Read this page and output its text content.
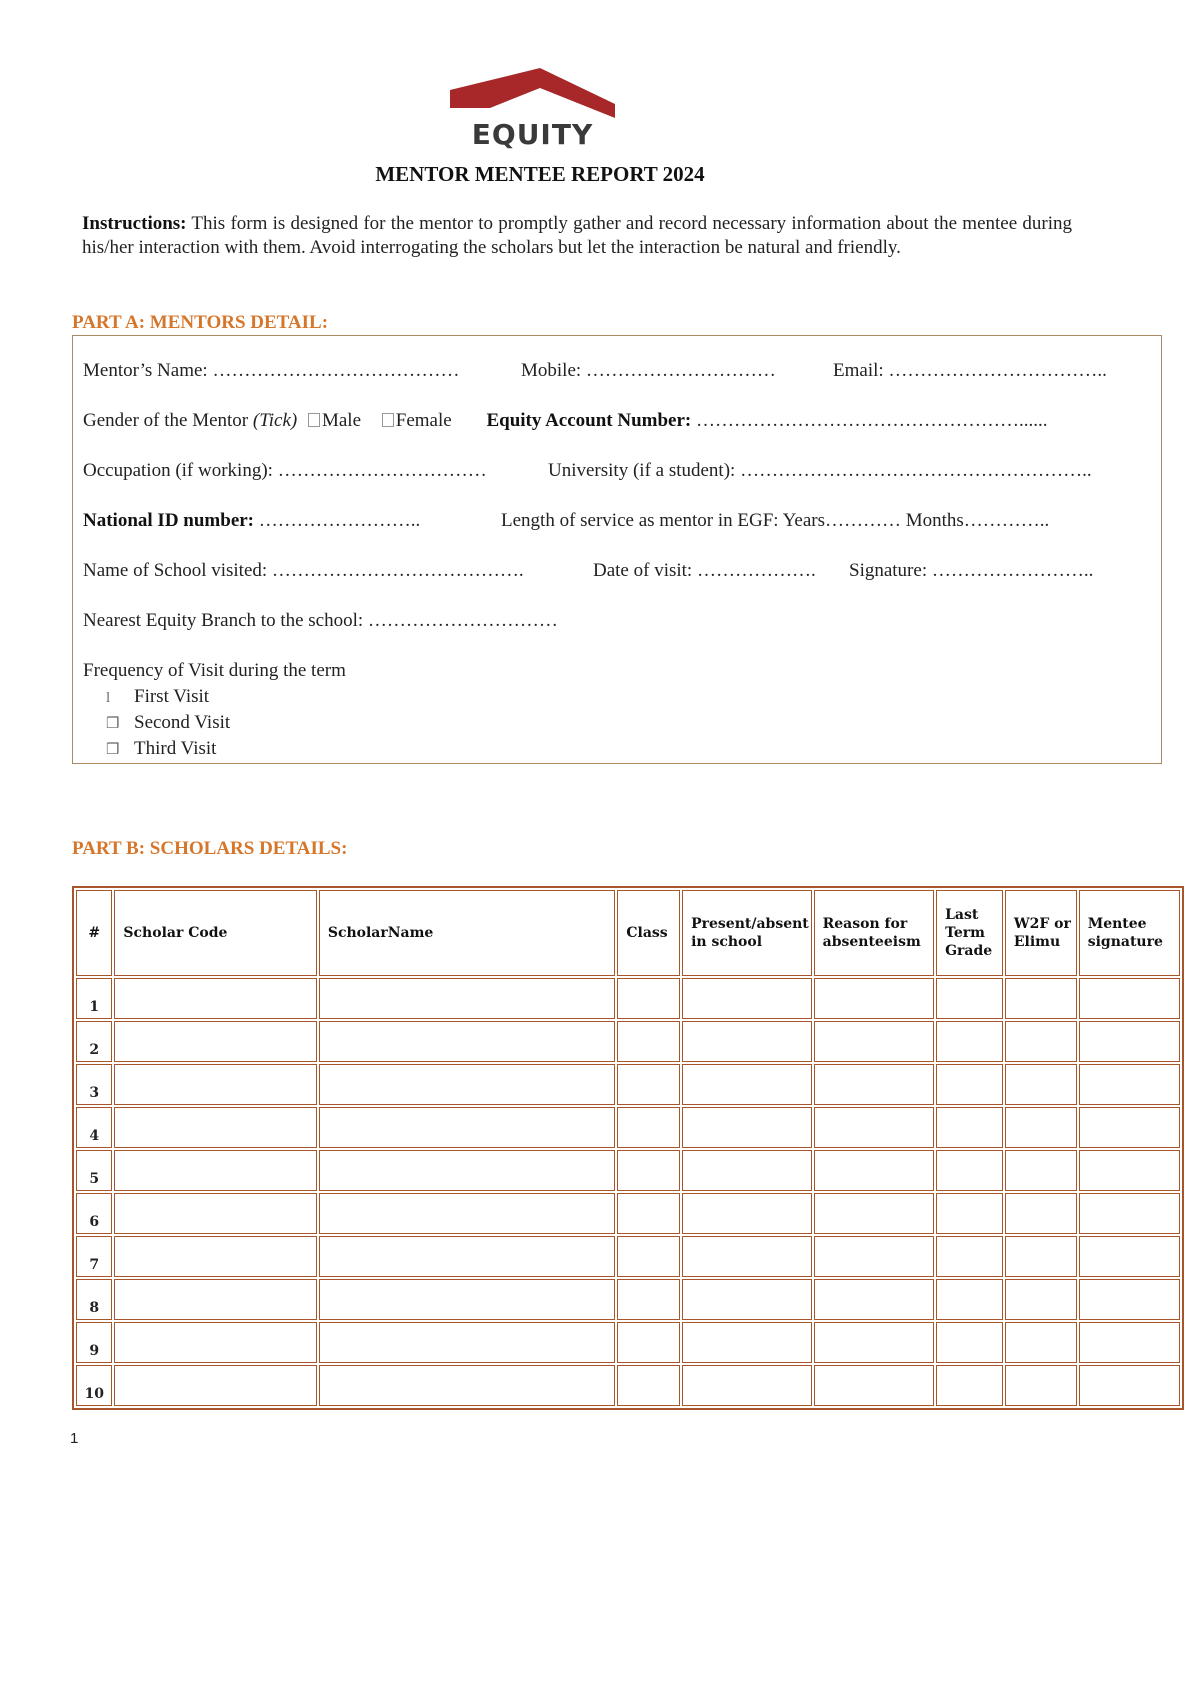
EQUITY
MENTOR MENTEE REPORT 2024
Instructions: This form is designed for the mentor to promptly gather and record necessary information about the mentee during his/her interaction with them. Avoid interrogating the scholars but let the interaction be natural and friendly.
PART A: MENTORS DETAIL:
Mentor’s Name: …………………………………	Mobile: …………………………	Email: ……………………………..
Gender of the Mentor (Tick) Male Female Equity Account Number: ……………………………………………......
Occupation (if working): ……………………………	University (if a student): ………………………………………………..
National ID number: ……………………..	Length of service as mentor in EGF: Years………… Months…………..
Name of School visited: ………………………………….	Date of visit: ………………. Signature: ……………………..
Nearest Equity Branch to the school: …………………………
Frequency of Visit during the term
l First Visit
❒ Second Visit
❒ Third Visit
PART B: SCHOLARS DETAILS:
#	Scholar Code	ScholarName	Class	Present/absent in school	Reason for absenteeism	Last Term Grade	W2F or Elimu	Mentee signature
1								
2								
3								
4								
5								
6								
7								
8								
9								
10								
1
